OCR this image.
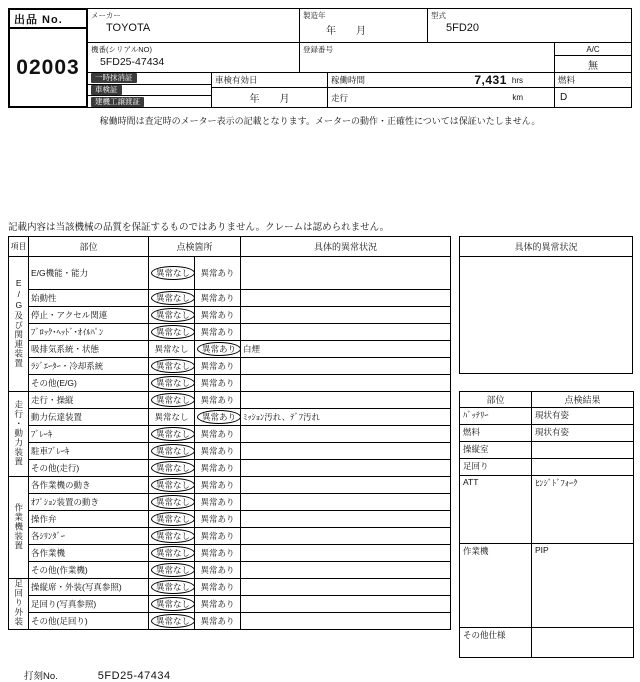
出品 No.
02003
メーカー
TOYOTA
製造年
年　　月
型式
5FD20
機番(シリアルNO)
5FD25-47434
登録番号	A/C
無
一時抹消証
車検証
建機工譲渡証
車検有効日
年　　月
稼働時間	7,431 hrs
走行	km
燃料
D
稼働時間は査定時のメーター表示の記載となります。メーターの動作・正確性については保証いたしません。
記載内容は当該機械の品質を保証するものではありません。クレームは認められません。
項目	部位	点検箇所		具体的異常状況
E/G及び関連装置	E/G機能・能力	異常なし	異常あり	
	始動性	異常なし	異常あり	
	停止・アクセル関連	異常なし	異常あり	
	ﾌﾞﾛｯｸ･ﾍｯﾄﾞ･ｵｲﾙﾊﾟﾝ	異常なし	異常あり	
	吸排気系統・状態	異常なし	異常あり	白煙
	ﾗｼﾞｴｰﾀｰ・冷却系統	異常なし	異常あり	
	その他(E/G)	異常なし	異常あり	
走行・動力装置	走行・操縦	異常なし	異常あり	
	動力伝達装置	異常なし	異常あり	ﾐｯｼｮﾝ汚れ、ﾃﾞﾌ汚れ
	ﾌﾞﾚｰｷ	異常なし	異常あり	
	駐車ﾌﾞﾚｰｷ	異常なし	異常あり	
	その他(走行)	異常なし	異常あり	
作業機装置	各作業機の動き	異常なし	異常あり	
	ｵﾌﾟｼｮﾝ装置の動き	異常なし	異常あり	
	操作弁	異常なし	異常あり	
	各ｼﾘﾝﾀﾞｰ	異常なし	異常あり	
	各作業機	異常なし	異常あり	
	その他(作業機)	異常なし	異常あり	
足回り外装	操縦席・外装(写真参照)	異常なし	異常あり	
	足回り(写真参照)	異常なし	異常あり	
	その他(足回り)	異常なし	異常あり	
具体的異常状況
部位	点検結果
ﾊﾞｯﾃﾘｰ	現状有姿
燃料	現状有姿
操縦室	
足回り	
ATT	ﾋﾝｼﾞﾄﾞﾌｫｰｸ
作業機	PIP
その他仕様	
打刻No.	5FD25-47434
